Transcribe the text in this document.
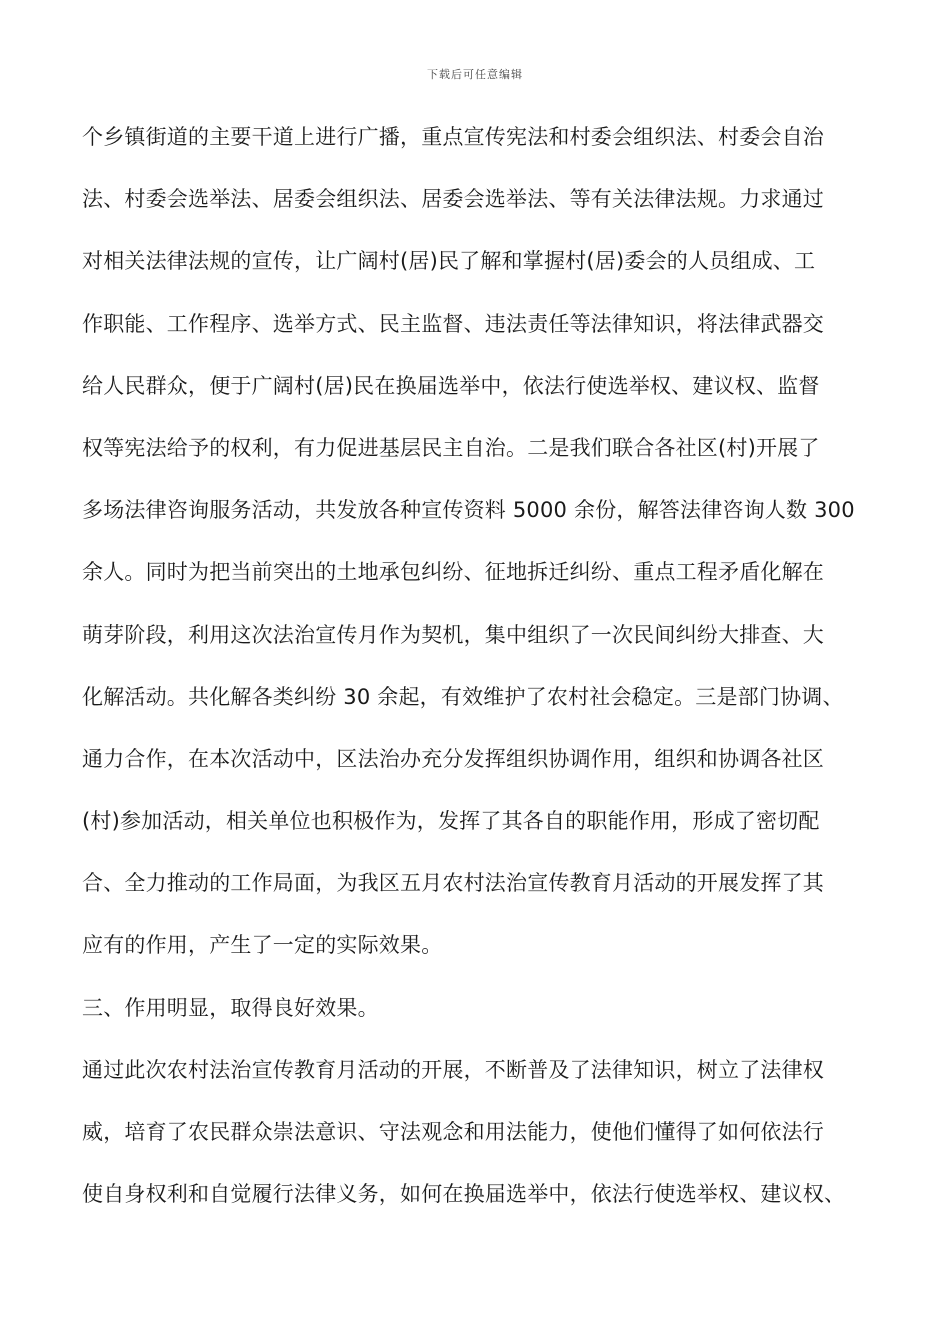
下载后可任意编辑
个乡镇街道的主要干道上进行广播，重点宣传宪法和村委会组织法、村委会自治
法、村委会选举法、居委会组织法、居委会选举法、等有关法律法规。力求通过
对相关法律法规的宣传，让广阔村(居)民了解和掌握村(居)委会的人员组成、工
作职能、工作程序、选举方式、民主监督、违法责任等法律知识，将法律武器交
给人民群众，便于广阔村(居)民在换届选举中，依法行使选举权、建议权、监督
权等宪法给予的权利，有力促进基层民主自治。二是我们联合各社区(村)开展了
多场法律咨询服务活动，共发放各种宣传资料 5000 余份，解答法律咨询人数 300
余人。同时为把当前突出的土地承包纠纷、征地拆迁纠纷、重点工程矛盾化解在
萌芽阶段，利用这次法治宣传月作为契机，集中组织了一次民间纠纷大排查、大
化解活动。共化解各类纠纷 30 余起，有效维护了农村社会稳定。三是部门协调、
通力合作，在本次活动中，区法治办充分发挥组织协调作用，组织和协调各社区
(村)参加活动，相关单位也积极作为，发挥了其各自的职能作用，形成了密切配
合、全力推动的工作局面，为我区五月农村法治宣传教育月活动的开展发挥了其
应有的作用，产生了一定的实际效果。
三、作用明显，取得良好效果。
通过此次农村法治宣传教育月活动的开展，不断普及了法律知识，树立了法律权
威，培育了农民群众崇法意识、守法观念和用法能力，使他们懂得了如何依法行
使自身权利和自觉履行法律义务，如何在换届选举中，依法行使选举权、建议权、
